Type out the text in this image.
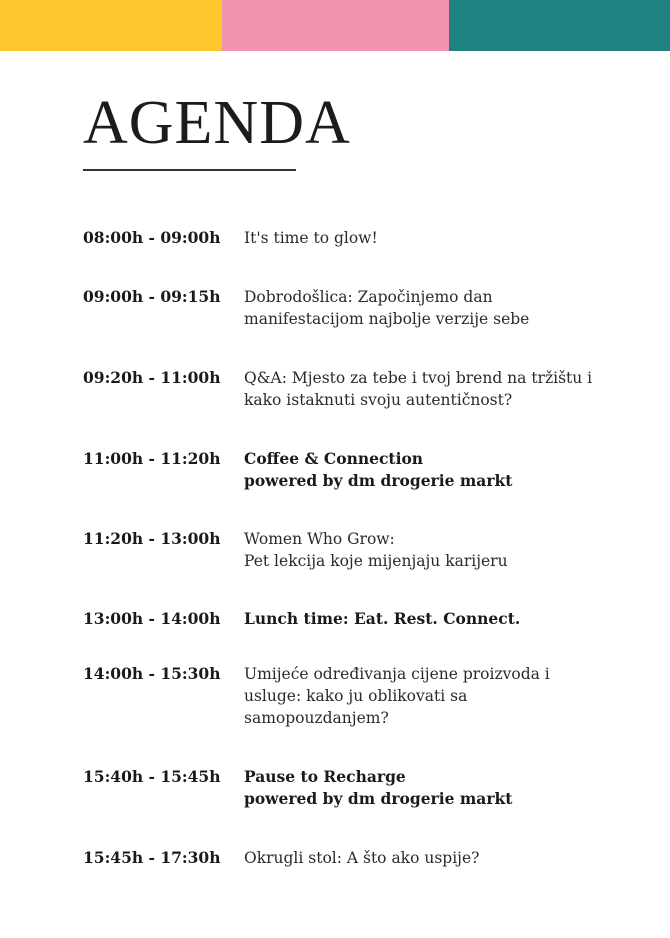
AGENDA
08:00h - 09:00h It's time to glow!
09:00h - 09:15h Dobrodošlica: Započinjemo dan
manifestacijom najbolje verzije sebe
09:20h - 11:00h Q&A: Mjesto za tebe i tvoj brend na tržištu i
kako istaknuti svoju autentičnost?
11:00h - 11:20h Coffee & Connection
powered by dm drogerie markt
11:20h - 13:00h Women Who Grow:
Pet lekcija koje mijenjaju karijeru
13:00h - 14:00h Lunch time: Eat. Rest. Connect.
14:00h - 15:30h Umijeće određivanja cijene proizvoda i
usluge: kako ju oblikovati sa
samopouzdanjem?
15:40h - 15:45h Pause to Recharge
powered by dm drogerie markt
15:45h - 17:30h Okrugli stol: A što ako uspije?
